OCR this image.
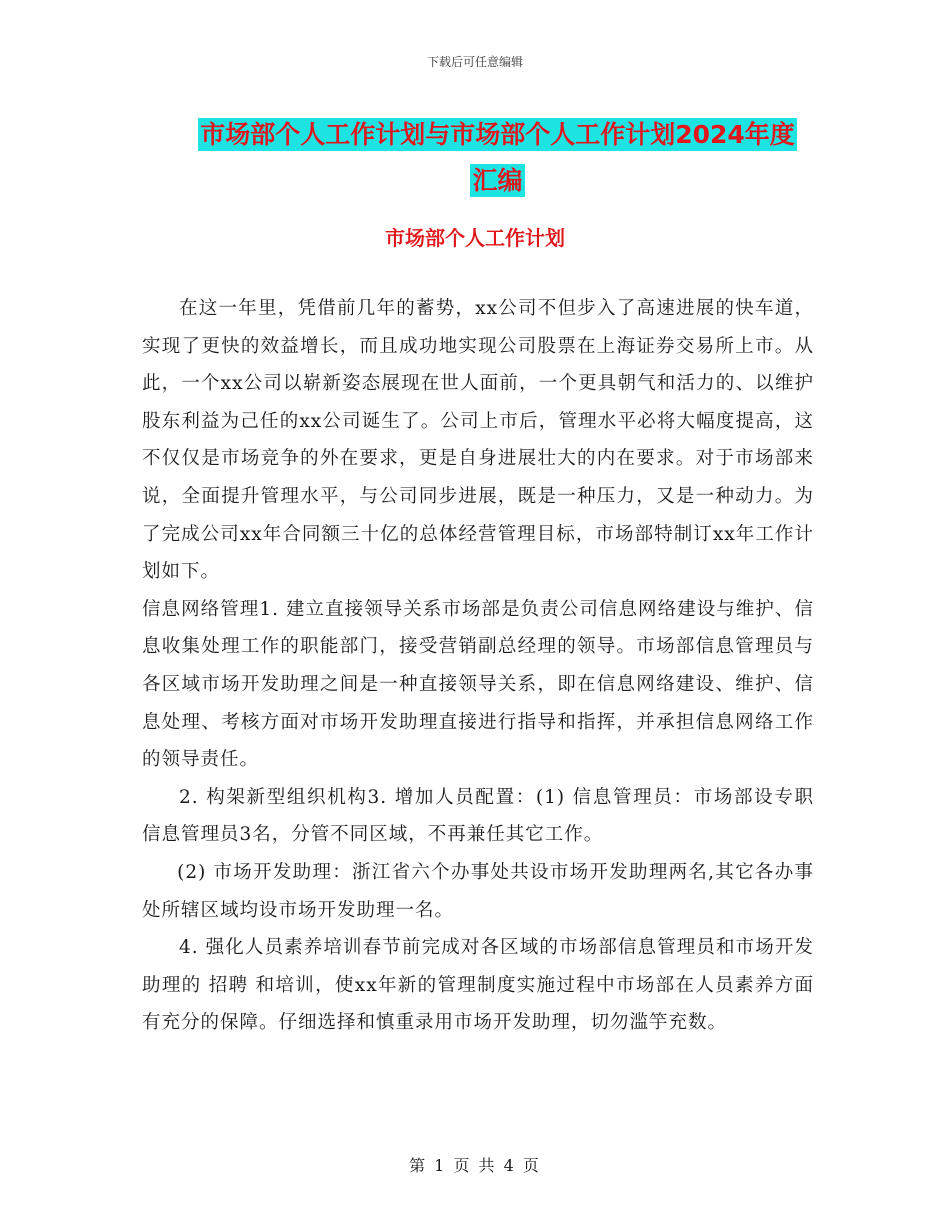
下载后可任意编辑
市场部个人工作计划与市场部个人工作计划2024年度
汇编
市场部个人工作计划

在这一年里，凭借前几年的蓄势，xx公司不但步入了高速进展的快车道，实现了更快的效益增长，而且成功地实现公司股票在上海证券交易所上市。从此，一个xx公司以崭新姿态展现在世人面前，一个更具朝气和活力的、以维护股东利益为己任的xx公司诞生了。公司上市后，管理水平必将大幅度提高，这不仅仅是市场竞争的外在要求，更是自身进展壮大的内在要求。对于市场部来说，全面提升管理水平，与公司同步进展，既是一种压力，又是一种动力。为了完成公司xx年合同额三十亿的总体经营管理目标，市场部特制订xx年工作计划如下。

信息网络管理1. 建立直接领导关系市场部是负责公司信息网络建设与维护、信息收集处理工作的职能部门，接受营销副总经理的领导。市场部信息管理员与各区域市场开发助理之间是一种直接领导关系，即在信息网络建设、维护、信息处理、考核方面对市场开发助理直接进行指导和指挥，并承担信息网络工作的领导责任。

2. 构架新型组织机构3. 增加人员配置：(1) 信息管理员：市场部设专职信息管理员3名，分管不同区域，不再兼任其它工作。

(2) 市场开发助理：浙江省六个办事处共设市场开发助理两名,其它各办事处所辖区域均设市场开发助理一名。

4. 强化人员素养培训春节前完成对各区域的市场部信息管理员和市场开发助理的 招聘 和培训，使xx年新的管理制度实施过程中市场部在人员素养方面有充分的保障。仔细选择和慎重录用市场开发助理，切勿滥竽充数。

第 1 页 共 4 页
